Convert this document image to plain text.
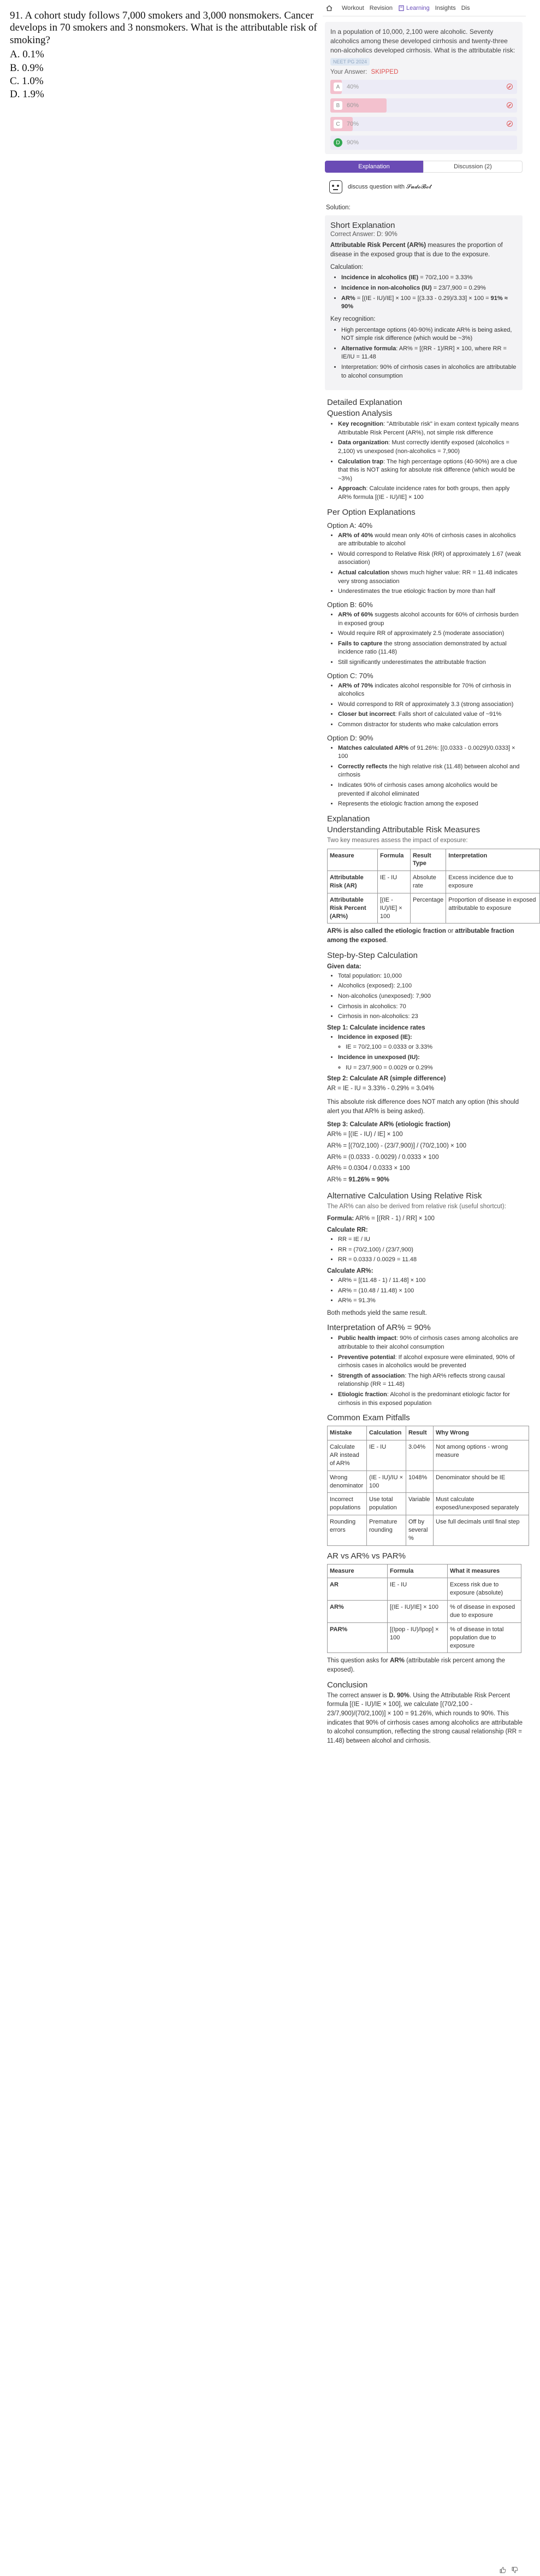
91. A cohort study follows 7,000 smokers and 3,000 nonsmokers. Cancer develops in 70 smokers and 3 nonsmokers. What is the attributable risk of smoking?
A. 0.1%
B. 0.9%
C. 1.0%
D. 1.9%
Workout Revision Learning Insights Dis
In a population of 10,000, 2,100 were alcoholic. Seventy alcoholics among these developed cirrhosis and twenty-three non-alcoholics developed cirrhosis. What is the attributable risk:
NEET PG 2024
Your Answer: SKIPPED
A	40%
B	60%
C	70%
D	90%
Explanation	Discussion (2)
discuss question with 𝓢𝓾𝓭𝓸𝓑𝓸𝓽
Solution:
Short Explanation
Correct Answer: D: 90%
Attributable Risk Percent (AR%) measures the proportion of disease in the exposed group that is due to the exposure.
Calculation:
• Incidence in alcoholics (IE) = 70/2,100 = 3.33%
• Incidence in non-alcoholics (IU) = 23/7,900 = 0.29%
• AR% = [(IE - IU)/IE] × 100 = [(3.33 - 0.29)/3.33] × 100 = 91% ≈ 90%
Key recognition:
• High percentage options (40-90%) indicate AR% is being asked, NOT simple risk difference (which would be ~3%)
• Alternative formula: AR% = [(RR - 1)/RR] × 100, where RR = IE/IU = 11.48
• Interpretation: 90% of cirrhosis cases in alcoholics are attributable to alcohol consumption
Detailed Explanation
Question Analysis
• Key recognition: "Attributable risk" in exam context typically means Attributable Risk Percent (AR%), not simple risk difference
• Data organization: Must correctly identify exposed (alcoholics = 2,100) vs unexposed (non-alcoholics = 7,900)
• Calculation trap: The high percentage options (40-90%) are a clue that this is NOT asking for absolute risk difference (which would be ~3%)
• Approach: Calculate incidence rates for both groups, then apply AR% formula [(IE - IU)/IE] × 100
Per Option Explanations
Option A: 40%
• AR% of 40% would mean only 40% of cirrhosis cases in alcoholics are attributable to alcohol
• Would correspond to Relative Risk (RR) of approximately 1.67 (weak association)
• Actual calculation shows much higher value: RR = 11.48 indicates very strong association
• Underestimates the true etiologic fraction by more than half
Option B: 60%
• AR% of 60% suggests alcohol accounts for 60% of cirrhosis burden in exposed group
• Would require RR of approximately 2.5 (moderate association)
• Fails to capture the strong association demonstrated by actual incidence ratio (11.48)
• Still significantly underestimates the attributable fraction
Option C: 70%
• AR% of 70% indicates alcohol responsible for 70% of cirrhosis in alcoholics
• Would correspond to RR of approximately 3.3 (strong association)
• Closer but incorrect: Falls short of calculated value of ~91%
• Common distractor for students who make calculation errors
Option D: 90%
• Matches calculated AR% of 91.26%: [(0.0333 - 0.0029)/0.0333] × 100
• Correctly reflects the high relative risk (11.48) between alcohol and cirrhosis
• Indicates 90% of cirrhosis cases among alcoholics would be prevented if alcohol eliminated
• Represents the etiologic fraction among the exposed
Explanation
Understanding Attributable Risk Measures
Two key measures assess the impact of exposure:
Measure	Formula	Result Type	Interpretation
Attributable Risk (AR)	IE - IU	Absolute rate	Excess incidence due to exposure
Attributable Risk Percent (AR%)	[(IE - IU)/IE] × 100	Percentage	Proportion of disease in exposed attributable to exposure
AR% is also called the etiologic fraction or attributable fraction among the exposed.
Step-by-Step Calculation
Given data:
• Total population: 10,000
• Alcoholics (exposed): 2,100
• Non-alcoholics (unexposed): 7,900
• Cirrhosis in alcoholics: 70
• Cirrhosis in non-alcoholics: 23
Step 1: Calculate incidence rates
• Incidence in exposed (IE):
◦ IE = 70/2,100 = 0.0333 or 3.33%
• Incidence in unexposed (IU):
◦ IU = 23/7,900 = 0.0029 or 0.29%
Step 2: Calculate AR (simple difference)
AR = IE - IU = 3.33% - 0.29% = 3.04%
This absolute risk difference does NOT match any option (this should alert you that AR% is being asked).
Step 3: Calculate AR% (etiologic fraction)
AR% = [(IE - IU) / IE] × 100
AR% = [(70/2,100) - (23/7,900)] / (70/2,100) × 100
AR% = (0.0333 - 0.0029) / 0.0333 × 100
AR% = 0.0304 / 0.0333 × 100
AR% = 91.26% ≈ 90%
Alternative Calculation Using Relative Risk
The AR% can also be derived from relative risk (useful shortcut):
Formula: AR% = [(RR - 1) / RR] × 100
Calculate RR:
• RR = IE / IU
• RR = (70/2,100) / (23/7,900)
• RR = 0.0333 / 0.0029 = 11.48
Calculate AR%:
• AR% = [(11.48 - 1) / 11.48] × 100
• AR% = (10.48 / 11.48) × 100
• AR% = 91.3%
Both methods yield the same result.
Interpretation of AR% = 90%
• Public health impact: 90% of cirrhosis cases among alcoholics are attributable to their alcohol consumption
• Preventive potential: If alcohol exposure were eliminated, 90% of cirrhosis cases in alcoholics would be prevented
• Strength of association: The high AR% reflects strong causal relationship (RR = 11.48)
• Etiologic fraction: Alcohol is the predominant etiologic factor for cirrhosis in this exposed population
Common Exam Pitfalls
Mistake	Calculation	Result	Why Wrong
Calculate AR instead of AR%	IE - IU	3.04%	Not among options - wrong measure
Wrong denominator	(IE - IU)/IU × 100	1048%	Denominator should be IE
Incorrect populations	Use total population	Variable	Must calculate exposed/unexposed separately
Rounding errors	Premature rounding	Off by several %	Use full decimals until final step
AR vs AR% vs PAR%
Measure	Formula	What it measures
AR	IE - IU	Excess risk due to exposure (absolute)
AR%	[(IE - IU)/IE] × 100	% of disease in exposed due to exposure
PAR%	[(Ipop - IU)/Ipop] × 100	% of disease in total population due to exposure
This question asks for AR% (attributable risk percent among the exposed).
Conclusion
The correct answer is D. 90%. Using the Attributable Risk Percent formula [(IE - IU)/IE × 100], we calculate [(70/2,100 - 23/7,900)/(70/2,100)] × 100 = 91.26%, which rounds to 90%. This indicates that 90% of cirrhosis cases among alcoholics are attributable to alcohol consumption, reflecting the strong causal relationship (RR = 11.48) between alcohol and cirrhosis.
